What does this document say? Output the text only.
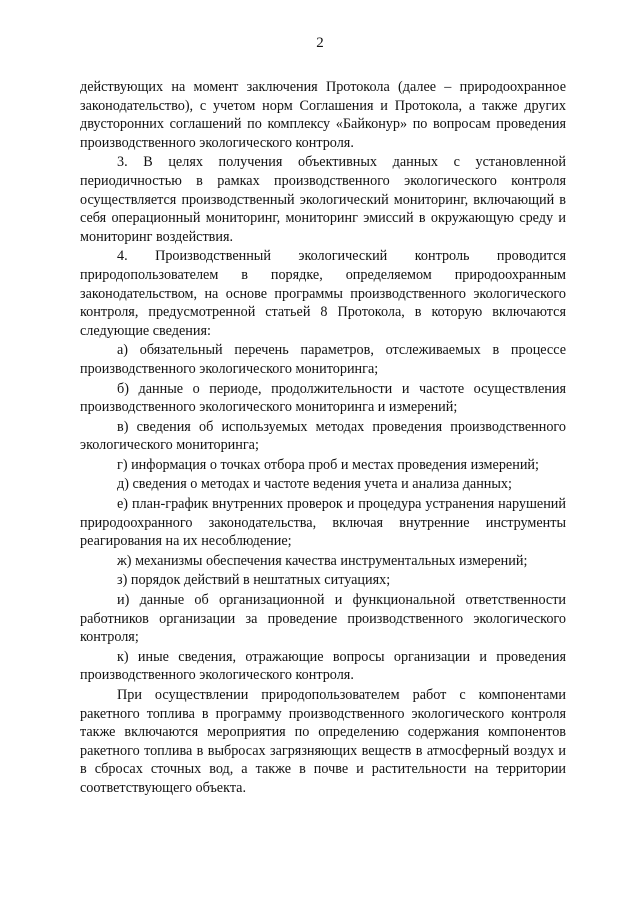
2

действующих на момент заключения Протокола (далее – природоохранное законодательство), с учетом норм Соглашения и Протокола, а также других двусторонних соглашений по комплексу «Байконур» по вопросам проведения производственного экологического контроля.

3. В целях получения объективных данных с установленной периодичностью в рамках производственного экологического контроля осуществляется производственный экологический мониторинг, включающий в себя операционный мониторинг, мониторинг эмиссий в окружающую среду и мониторинг воздействия.

4. Производственный экологический контроль проводится природопользователем в порядке, определяемом природоохранным законодательством, на основе программы производственного экологического контроля, предусмотренной статьей 8 Протокола, в которую включаются следующие сведения:

а) обязательный перечень параметров, отслеживаемых в процессе производственного экологического мониторинга;

б) данные о периоде, продолжительности и частоте осуществления производственного экологического мониторинга и измерений;

в) сведения об используемых методах проведения производственного экологического мониторинга;

г) информация о точках отбора проб и местах проведения измерений;

д) сведения о методах и частоте ведения учета и анализа данных;

е) план-график внутренних проверок и процедура устранения нарушений природоохранного законодательства, включая внутренние инструменты реагирования на их несоблюдение;

ж) механизмы обеспечения качества инструментальных измерений;

з) порядок действий в нештатных ситуациях;

и) данные об организационной и функциональной ответственности работников организации за проведение производственного экологического контроля;

к) иные сведения, отражающие вопросы организации и проведения производственного экологического контроля.

При осуществлении природопользователем работ с компонентами ракетного топлива в программу производственного экологического контроля также включаются мероприятия по определению содержания компонентов ракетного топлива в выбросах загрязняющих веществ в атмосферный воздух и в сбросах сточных вод, а также в почве и растительности на территории соответствующего объекта.
